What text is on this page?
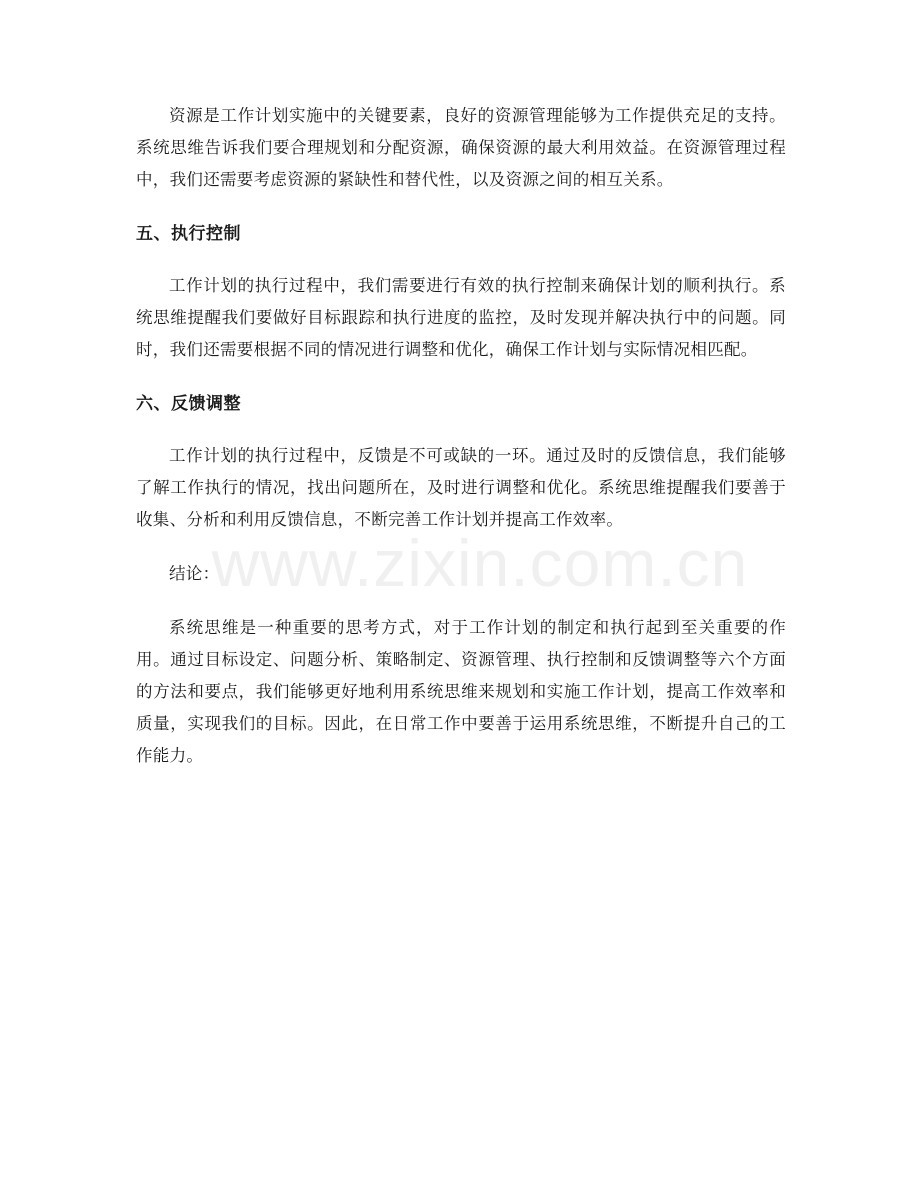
资源是工作计划实施中的关键要素，良好的资源管理能够为工作提供充足的支持。系统思维告诉我们要合理规划和分配资源，确保资源的最大利用效益。在资源管理过程中，我们还需要考虑资源的紧缺性和替代性，以及资源之间的相互关系。

五、执行控制

工作计划的执行过程中，我们需要进行有效的执行控制来确保计划的顺利执行。系统思维提醒我们要做好目标跟踪和执行进度的监控，及时发现并解决执行中的问题。同时，我们还需要根据不同的情况进行调整和优化，确保工作计划与实际情况相匹配。

六、反馈调整

工作计划的执行过程中，反馈是不可或缺的一环。通过及时的反馈信息，我们能够了解工作执行的情况，找出问题所在，及时进行调整和优化。系统思维提醒我们要善于收集、分析和利用反馈信息，不断完善工作计划并提高工作效率。

结论：

系统思维是一种重要的思考方式，对于工作计划的制定和执行起到至关重要的作用。通过目标设定、问题分析、策略制定、资源管理、执行控制和反馈调整等六个方面的方法和要点，我们能够更好地利用系统思维来规划和实施工作计划，提高工作效率和质量，实现我们的目标。因此，在日常工作中要善于运用系统思维，不断提升自己的工作能力。

www.zixin.com.cn
